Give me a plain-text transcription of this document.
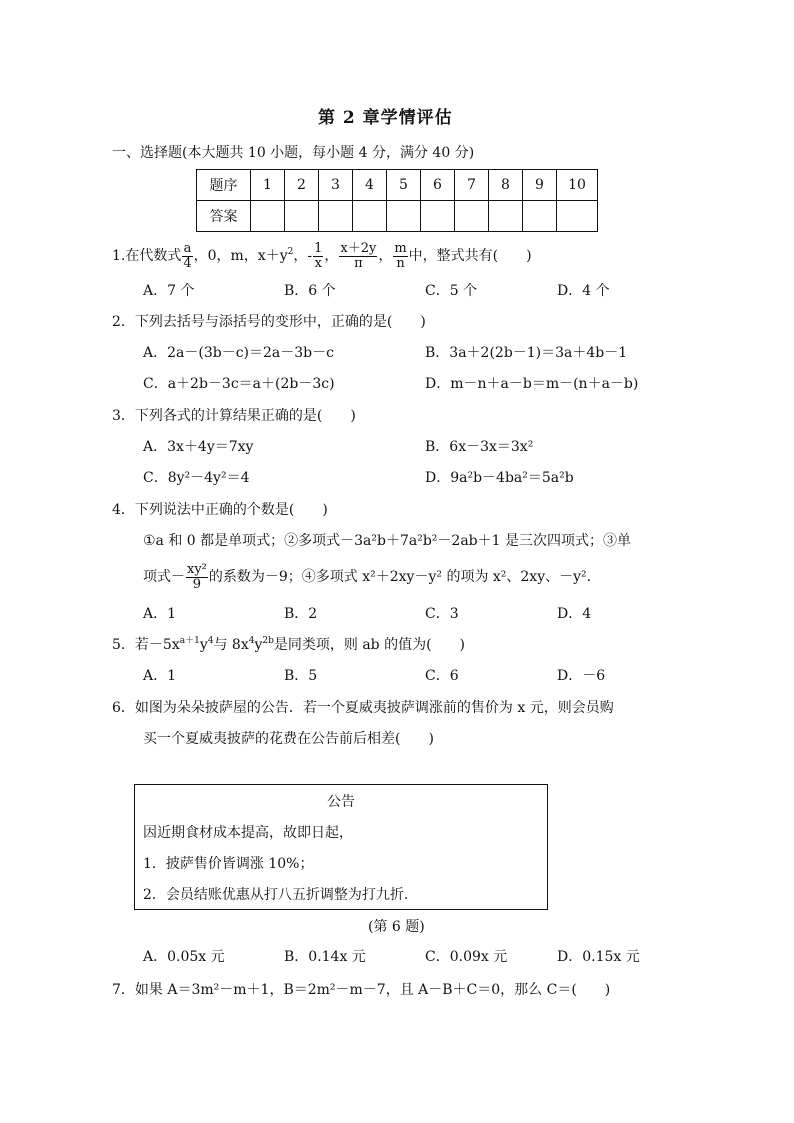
第 2 章学情评估
一、选择题(本大题共 10 小题，每小题 4 分，满分 40 分)
题序	1	2	3	4	5	6	7	8	9	10
答案										
1.在代数式 $\frac{a}{4}$ ，0，m，$x+y^2$，- $\frac{1}{x}$ ， $\frac{x+2y}{\pi}$ ， $\frac{m}{n}$ 中，整式共有(　　)
A．7 个	B．6 个	C．5 个	D．4 个
2．下列去括号与添括号的变形中，正确的是(　　)
A．2a－(3b－c)＝2a－3b－c	B．3a＋2(2b－1)＝3a＋4b－1
C．a＋2b－3c＝a＋(2b－3c)	D．m－n＋a－b＝m－(n＋a－b)
3．下列各式的计算结果正确的是(　　)
A．3x＋4y＝7xy	B．6x－3x＝3x²
C．8y²－4y²＝4	D．9a²b－4ba²＝5a²b
4．下列说法中正确的个数是(　　)
①a 和 0 都是单项式；②多项式－3a²b＋7a²b²－2ab＋1 是三次四项式；③单
项式－ $\frac{\text{xy²}}{9}$ 的系数为－9；④多项式 x²＋2xy－y² 的项为 x²、2xy、－y².
A．1	B．2	C．3	D．4
5．若$-5x^{a+1}y^4$与 $8x^4y^{2b}$是同类项，则 ab 的值为(　　)
A．1	B．5	C．6	D．－6
6．如图为朵朵披萨屋的公告．若一个夏威夷披萨调涨前的售价为 x 元，则会员购
买一个夏威夷披萨的花费在公告前后相差(　　)
公告
因近期食材成本提高，故即日起，
1．披萨售价皆调涨 10%；
2．会员结账优惠从打八五折调整为打九折.
(第 6 题)
A．0.05x 元	B．0.14x 元	C．0.09x 元	D．0.15x 元
7．如果 A＝3m²－m＋1，B＝2m²－m－7，且 A－B＋C＝0，那么 C＝(　　)
